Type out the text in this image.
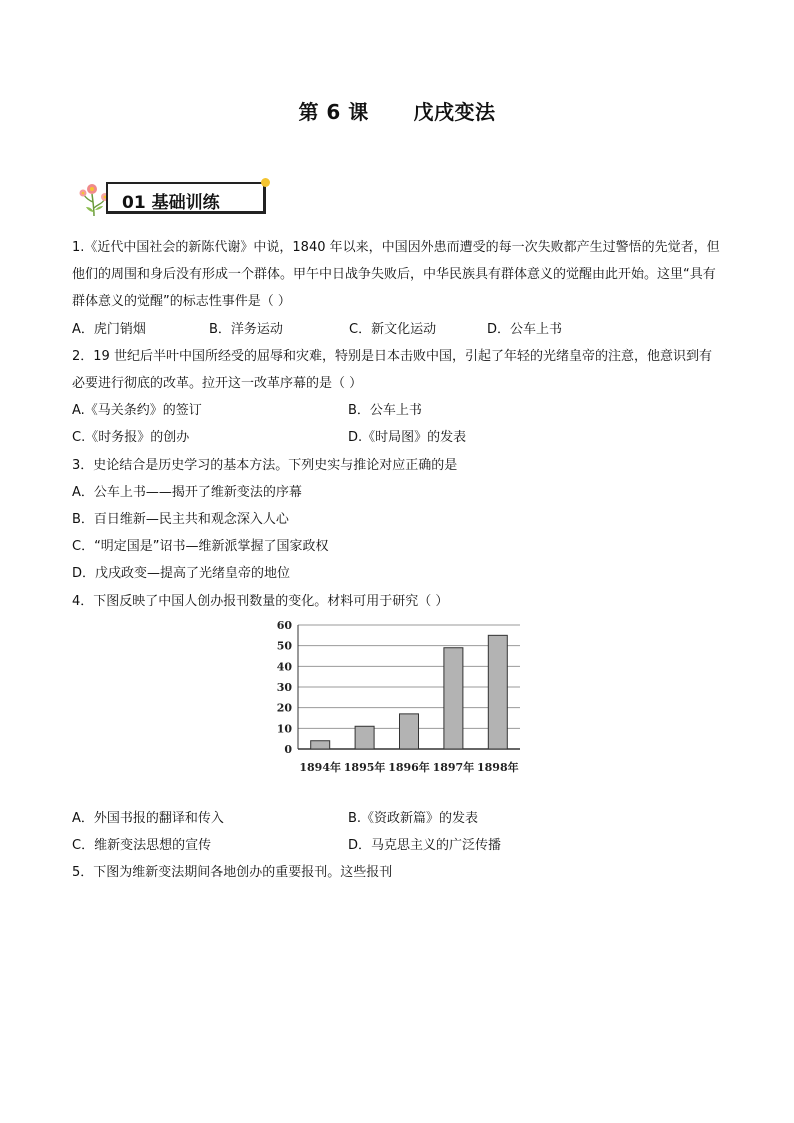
第 6 课      戊戌变法
01 基础训练

1.《近代中国社会的新陈代谢》中说，1840 年以来，中国因外患而遭受的每一次失败都产生过警悟的先觉者，但他们的周围和身后没有形成一个群体。甲午中日战争失败后，中华民族具有群体意义的觉醒由此开始。这里“具有群体意义的觉醒”的标志性事件是（ ）

A．虎门销烟	B．洋务运动	C．新文化运动	D．公车上书

2．19 世纪后半叶中国所经受的屈辱和灾难，特别是日本击败中国，引起了年轻的光绪皇帝的注意，他意识到有必要进行彻底的改革。拉开这一改革序幕的是（ ）

A.《马关条约》的签订	B．公车上书
C.《时务报》的创办	D.《时局图》的发表

3．史论结合是历史学习的基本方法。下列史实与推论对应正确的是

A．公车上书——揭开了维新变法的序幕

B．百日维新—民主共和观念深入人心

C．“明定国是”诏书—维新派掌握了国家政权

D．戊戌政变—提高了光绪皇帝的地位

4．下图反映了中国人创办报刊数量的变化。材料可用于研究（ ）

0
10
20
30
40
50
60
1894年 1895年 1896年 1897年 1898年
A．外国书报的翻译和传入	B.《资政新篇》的发表
C．维新变法思想的宣传	D．马克思主义的广泛传播

5．下图为维新变法期间各地创办的重要报刊。这些报刊
